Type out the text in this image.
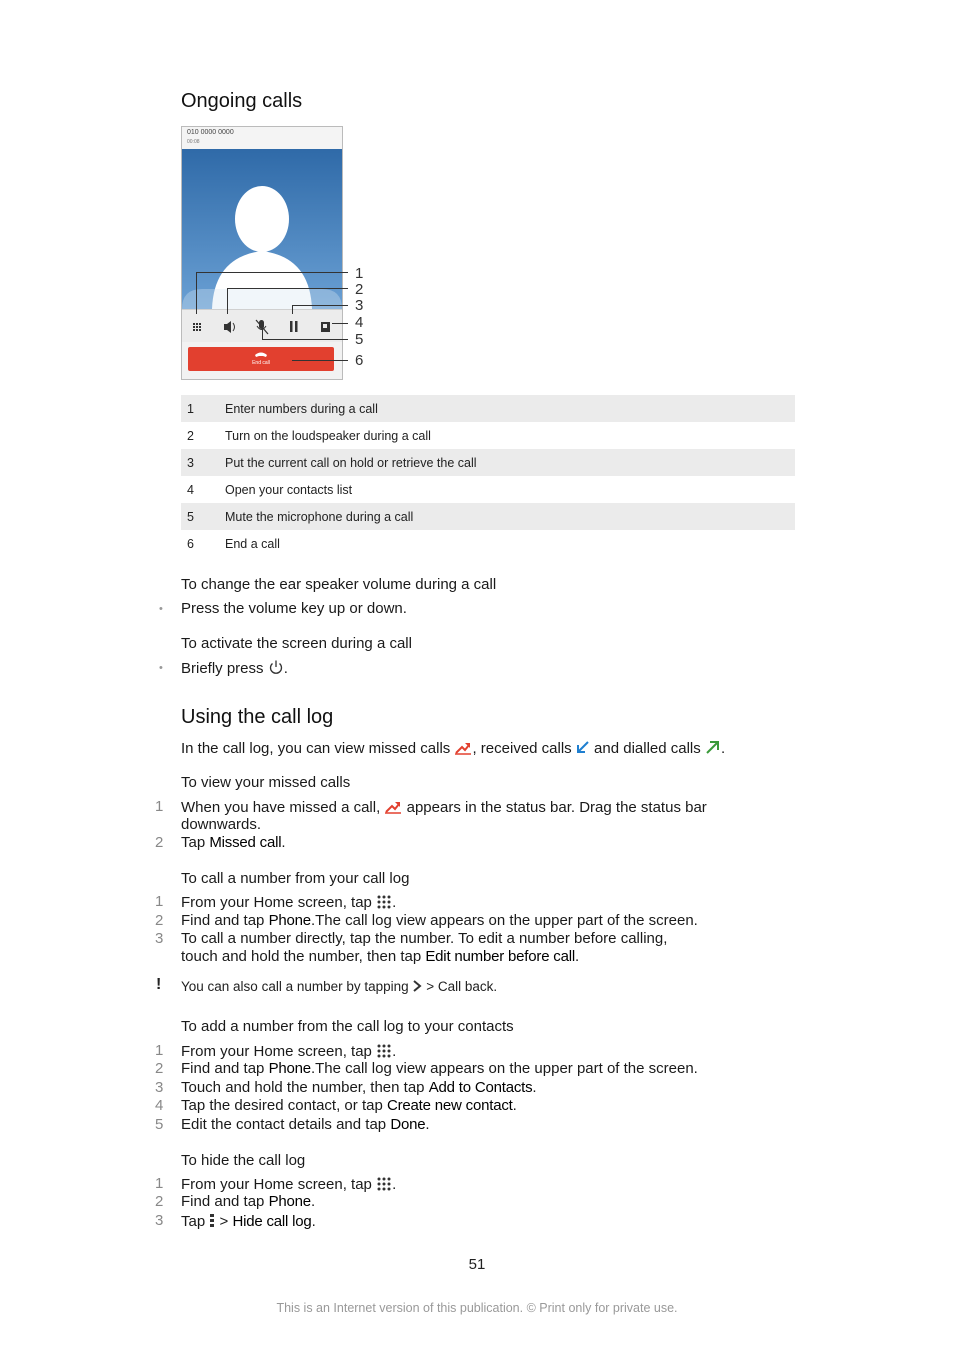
Ongoing calls
010 0000 0000
00:08
End call
1
2
3
4
5
6
1 Enter numbers during a call
2 Turn on the loudspeaker during a call
3 Put the current call on hold or retrieve the call
4 Open your contacts list
5 Mute the microphone during a call
6 End a call
To change the ear speaker volume during a call
• Press the volume key up or down.
To activate the screen during a call
• Briefly press .
Using the call log
In the call log, you can view missed calls , received calls and dialled calls .
To view your missed calls
1	When you have missed a call, appears in the status bar. Drag the status bar
downwards.
2	Tap Missed call.
To call a number from your call log
1	From your Home screen, tap .
2	Find and tap Phone.The call log view appears on the upper part of the screen.
3	To call a number directly, tap the number. To edit a number before calling,
touch and hold the number, then tap Edit number before call.
! You can also call a number by tapping > Call back.
To add a number from the call log to your contacts
1	From your Home screen, tap .
2	Find and tap Phone.The call log view appears on the upper part of the screen.
3	Touch and hold the number, then tap Add to Contacts.
4	Tap the desired contact, or tap Create new contact.
5	Edit the contact details and tap Done.
To hide the call log
1	From your Home screen, tap .
2	Find and tap Phone.
3	Tap > Hide call log.
51
This is an Internet version of this publication. © Print only for private use.
